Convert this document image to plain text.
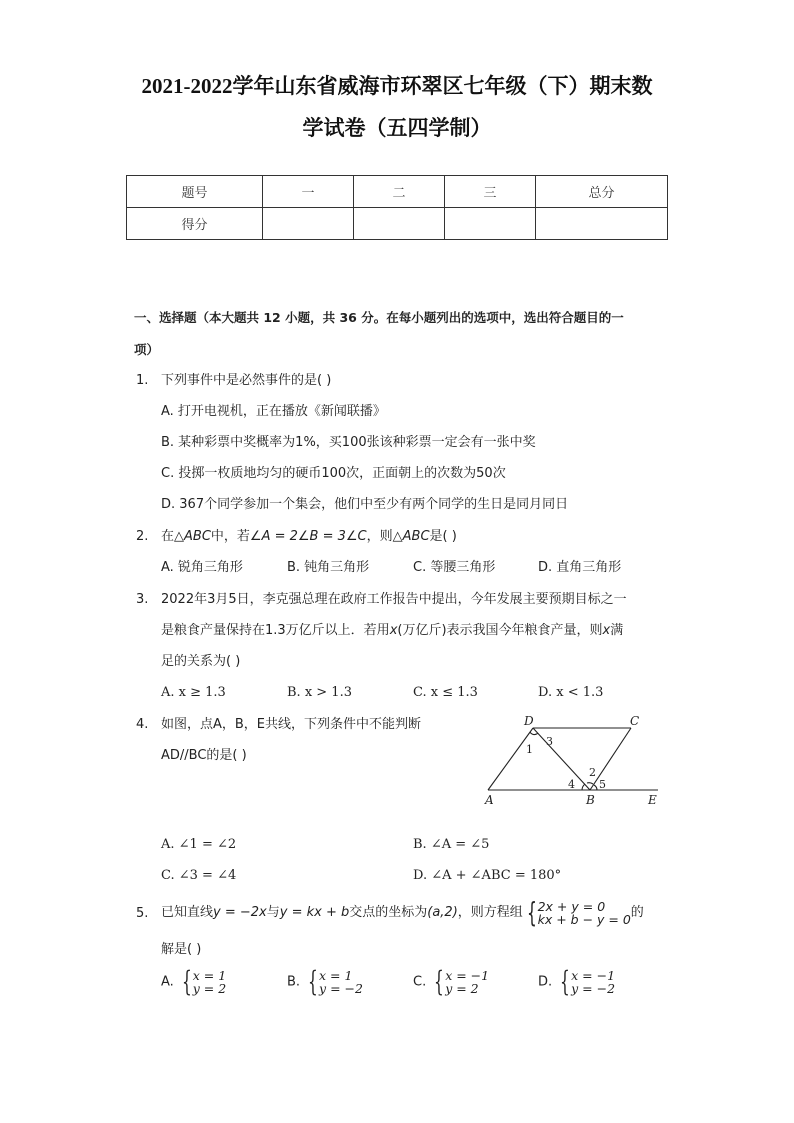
2021-2022学年山东省威海市环翠区七年级（下）期末数
学试卷（五四学制）
题号	一	二	三	总分
得分				
一、选择题（本大题共 12 小题，共 36 分。在每小题列出的选项中，选出符合题目的一
项）
1. 下列事件中是必然事件的是( )
A. 打开电视机，正在播放《新闻联播》
B. 某种彩票中奖概率为1%，买100张该种彩票一定会有一张中奖
C. 投掷一枚质地均匀的硬币100次，正面朝上的次数为50次
D. 367个同学参加一个集会，他们中至少有两个同学的生日是同月同日
2. 在△ABC中，若∠A = 2∠B = 3∠C，则△ABC是( )
A. 锐角三角形	B. 钝角三角形	C. 等腰三角形	D. 直角三角形
3. 2022年3月5日，李克强总理在政府工作报告中提出，今年发展主要预期目标之一
是粮食产量保持在1.3万亿斤以上．若用x(万亿斤)表示我国今年粮食产量，则x满
足的关系为( )
A. x ≥ 1.3	B. x > 1.3	C. x ≤ 1.3	D. x < 1.3
4. 如图，点A，B，E共线，下列条件中不能判断
AD//BC的是( )
D	C
A	B	E
1
2
3
4 5
A. ∠1 = ∠2	B. ∠A = ∠5
C. ∠3 = ∠4	D. ∠A + ∠ABC = 180°
5. 已知直线y = −2x与y = kx + b交点的坐标为(a,2)，则方程组 {2x + y = 0
kx + b − y = 0的
解是( )
A. {x = 1
y = 2	B. {x = 1
y = −2	C. {x = −1
y = 2	D. {x = −1
y = −2
